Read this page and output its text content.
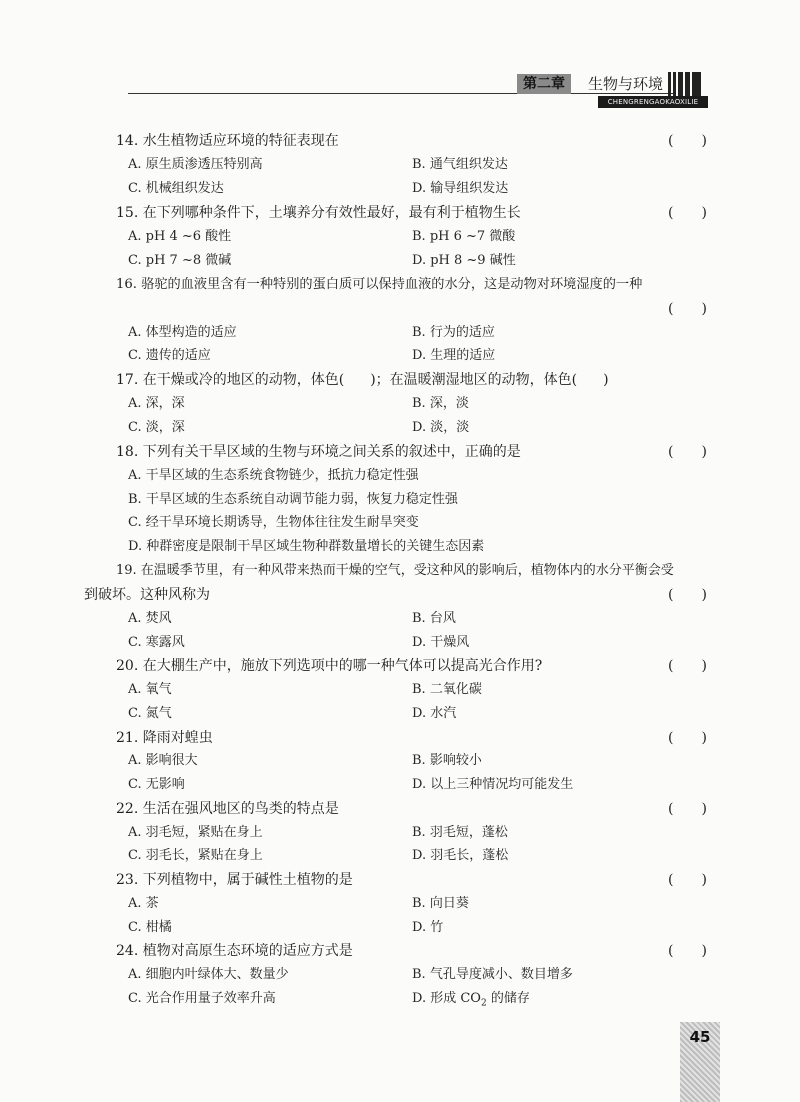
第二章	生物与环境
CHENGRENGAOKAOXILIE
14. 水生植物适应环境的特征表现在	( )
A. 原生质渗透压特别高	B. 通气组织发达
C. 机械组织发达	D. 输导组织发达
15. 在下列哪种条件下，土壤养分有效性最好，最有利于植物生长	( )
A. pH 4 ~6 酸性	B. pH 6 ~7 微酸
C. pH 7 ~8 微碱	D. pH 8 ~9 碱性
16. 骆驼的血液里含有一种特别的蛋白质可以保持血液的水分，这是动物对环境湿度的一种
( )
A. 体型构造的适应	B. 行为的适应
C. 遗传的适应	D. 生理的适应
17. 在干燥或冷的地区的动物，体色( )；在温暖潮湿地区的动物，体色( )
A. 深，深	B. 深，淡
C. 淡，深	D. 淡，淡
18. 下列有关干旱区域的生物与环境之间关系的叙述中，正确的是	( )
A. 干旱区域的生态系统食物链少，抵抗力稳定性强
B. 干旱区域的生态系统自动调节能力弱，恢复力稳定性强
C. 经干旱环境长期诱导，生物体往往发生耐旱突变
D. 种群密度是限制干旱区域生物种群数量增长的关键生态因素
19. 在温暖季节里，有一种风带来热而干燥的空气，受这种风的影响后，植物体内的水分平衡会受
到破坏。这种风称为	( )
A. 焚风	B. 台风
C. 寒露风	D. 干燥风
20. 在大棚生产中，施放下列选项中的哪一种气体可以提高光合作用?	( )
A. 氧气	B. 二氧化碳
C. 氮气	D. 水汽
21. 降雨对蝗虫	( )
A. 影响很大	B. 影响较小
C. 无影响	D. 以上三种情况均可能发生
22. 生活在强风地区的鸟类的特点是	( )
A. 羽毛短，紧贴在身上	B. 羽毛短，蓬松
C. 羽毛长，紧贴在身上	D. 羽毛长，蓬松
23. 下列植物中，属于碱性土植物的是	( )
A. 茶	B. 向日葵
C. 柑橘	D. 竹
24. 植物对高原生态环境的适应方式是	( )
A. 细胞内叶绿体大、数量少	B. 气孔导度减小、数目增多
C. 光合作用量子效率升高	D. 形成 $CO_2$ 的储存
45
